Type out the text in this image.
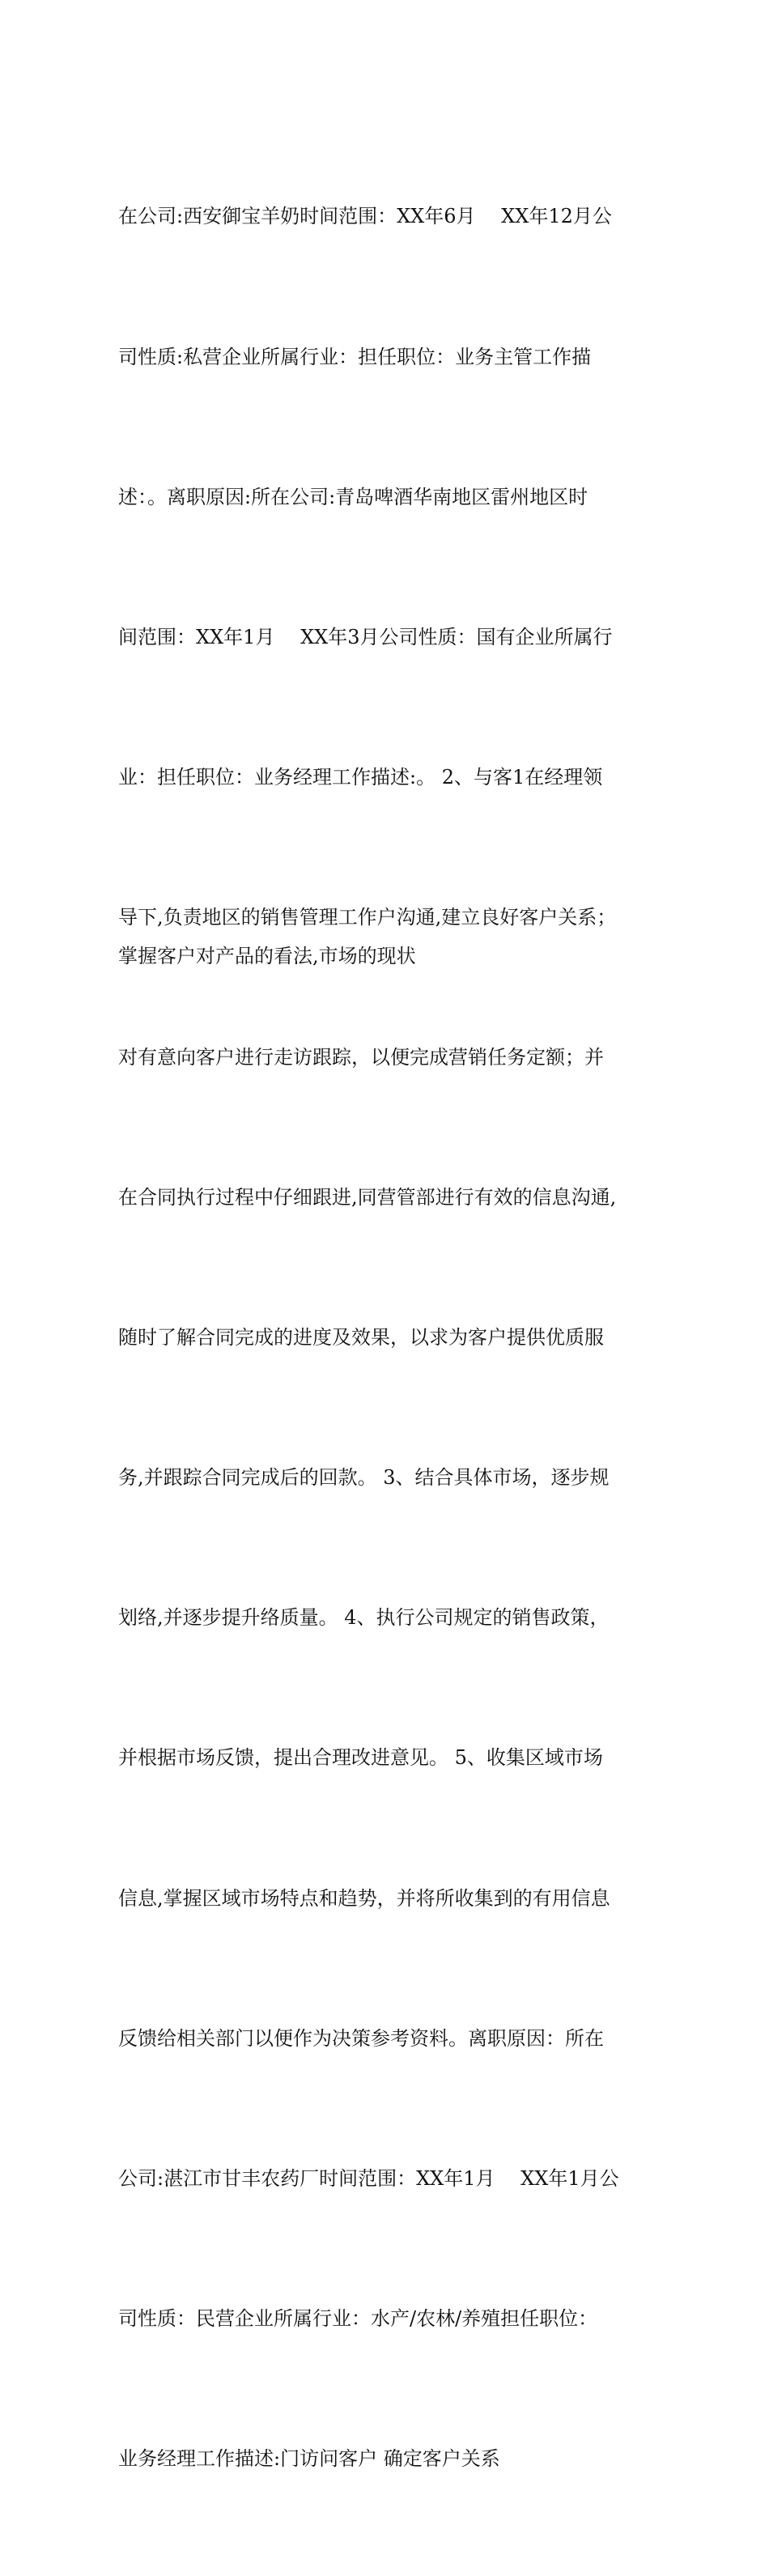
在公司:西安御宝羊奶时间范围：XX年6月　 XX年12月公

司性质:私营企业所属行业：担任职位：业务主管工作描

述：。离职原因:所在公司:青岛啤酒华南地区雷州地区时

间范围：XX年1月　 XX年3月公司性质：国有企业所属行

业：担任职位：业务经理工作描述:。 2、与客1在经理领

导下,负责地区的销售管理工作户沟通,建立良好客户关系；

对有意向客户进行走访跟踪，以便完成营销任务定额；并

在合同执行过程中仔细跟进,同营管部进行有效的信息沟通,

随时了解合同完成的进度及效果，以求为客户提供优质服

务,并跟踪合同完成后的回款。 3、结合具体市场，逐步规

划络,并逐步提升络质量。 4、执行公司规定的销售政策，

并根据市场反馈，提出合理改进意见。 5、收集区域市场

信息,掌握区域市场特点和趋势，并将所收集到的有用信息

反馈给相关部门以便作为决策参考资料。离职原因：所在

公司:湛江市甘丰农药厂时间范围：XX年1月　 XX年1月公

司性质：民营企业所属行业：水产/农林/养殖担任职位：

业务经理工作描述:门访问客户 确定客户关系

掌握客户对产品的看法,市场的现状
